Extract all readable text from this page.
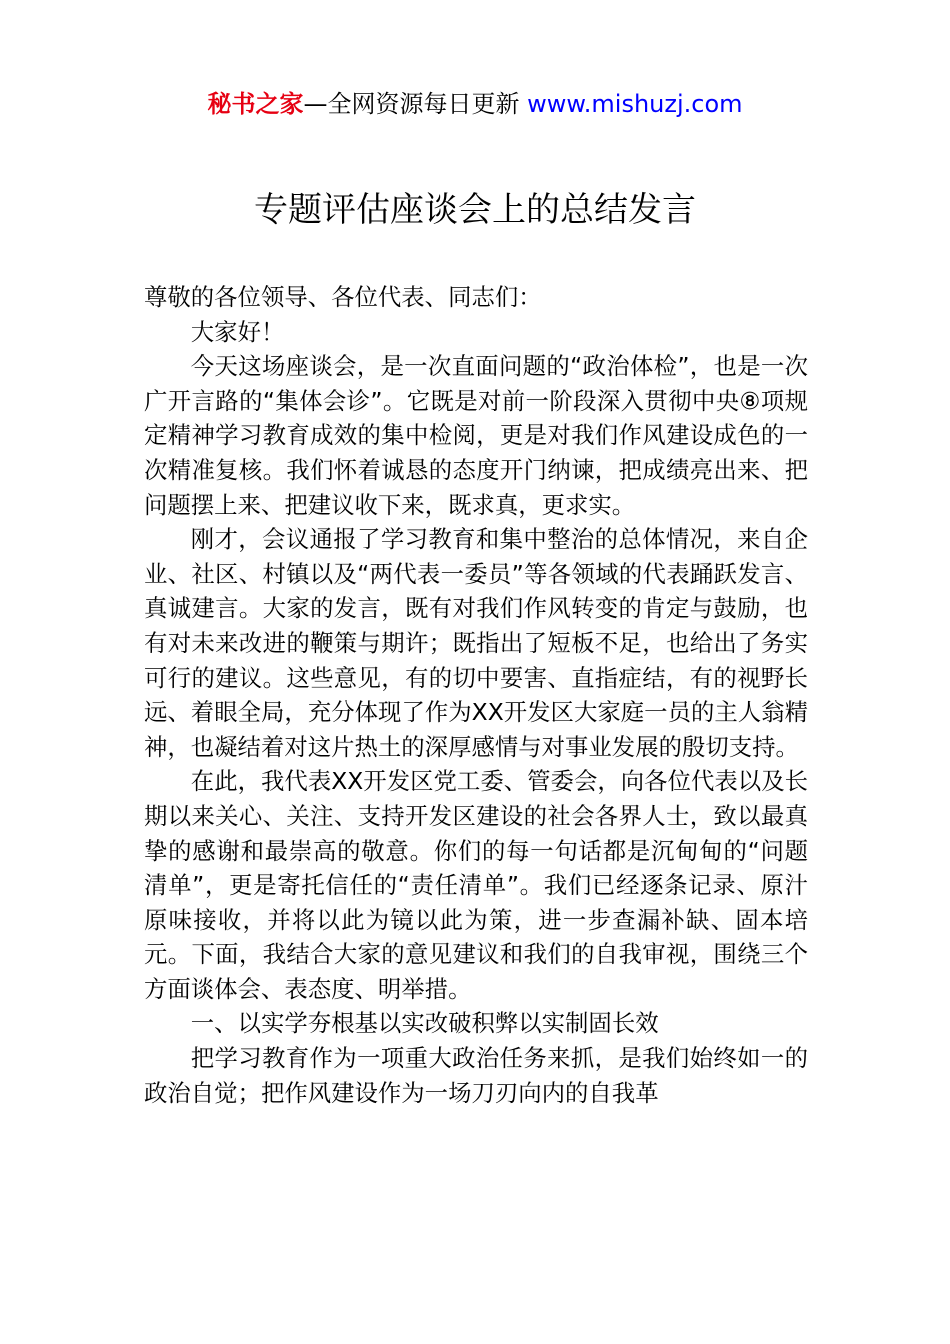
秘书之家—全网资源每日更新 www.mishuzj.com
专题评估座谈会上的总结发言

尊敬的各位领导、各位代表、同志们：

大家好！

今天这场座谈会，是一次直面问题的“政治体检”，也是一次广开言路的“集体会诊”。它既是对前一阶段深入贯彻中央⑧项规定精神学习教育成效的集中检阅，更是对我们作风建设成色的一次精准复核。我们怀着诚恳的态度开门纳谏，把成绩亮出来、把问题摆上来、把建议收下来，既求真，更求实。

刚才，会议通报了学习教育和集中整治的总体情况，来自企业、社区、村镇以及“两代表一委员”等各领域的代表踊跃发言、真诚建言。大家的发言，既有对我们作风转变的肯定与鼓励，也有对未来改进的鞭策与期许；既指出了短板不足，也给出了务实可行的建议。这些意见，有的切中要害、直指症结，有的视野长远、着眼全局，充分体现了作为XX开发区大家庭一员的主人翁精神，也凝结着对这片热土的深厚感情与对事业发展的殷切支持。

在此，我代表XX开发区党工委、管委会，向各位代表以及长期以来关心、关注、支持开发区建设的社会各界人士，致以最真挚的感谢和最崇高的敬意。你们的每一句话都是沉甸甸的“问题清单”，更是寄托信任的“责任清单”。我们已经逐条记录、原汁原味接收，并将以此为镜以此为策，进一步查漏补缺、固本培元。下面，我结合大家的意见建议和我们的自我审视，围绕三个方面谈体会、表态度、明举措。

一、以实学夯根基以实改破积弊以实制固长效

把学习教育作为一项重大政治任务来抓，是我们始终如一的政治自觉；把作风建设作为一场刀刃向内的自我革
